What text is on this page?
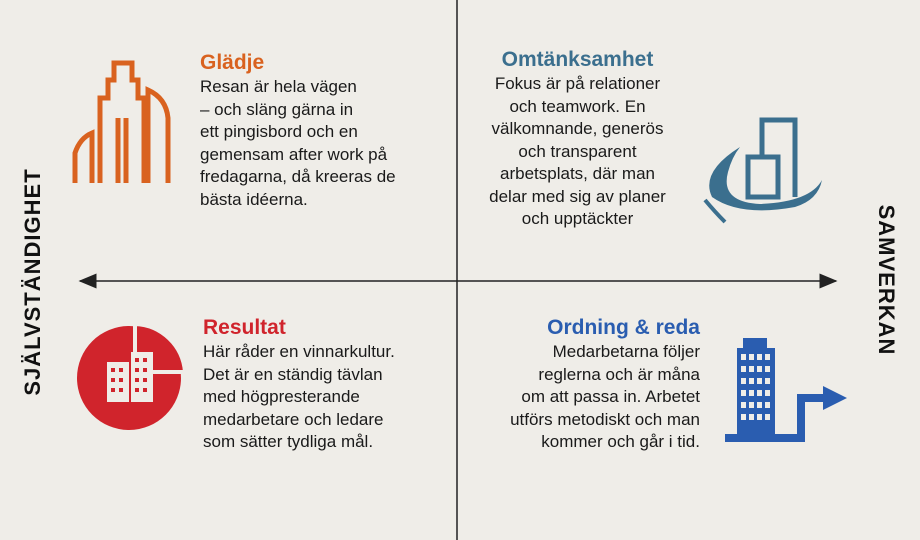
SJÄLVSTÄNDIGHET	SAMVERKAN
Glädje
Resan är hela vägen
– och släng gärna in
ett pingisbord och en
gemensam after work på
fredagarna, då kreeras de
bästa idéerna.
Omtänksamhet
Fokus är på relationer
och teamwork. En
välkomnande, generös
och transparent
arbetsplats, där man
delar med sig av planer
och upptäckter
Resultat
Här råder en vinnarkultur.
Det är en ständig tävlan
med högpresterande
medarbetare och ledare
som sätter tydliga mål.
Ordning & reda
Medarbetarna följer
reglerna och är måna
om att passa in. Arbetet
utförs metodiskt och man
kommer och går i tid.
